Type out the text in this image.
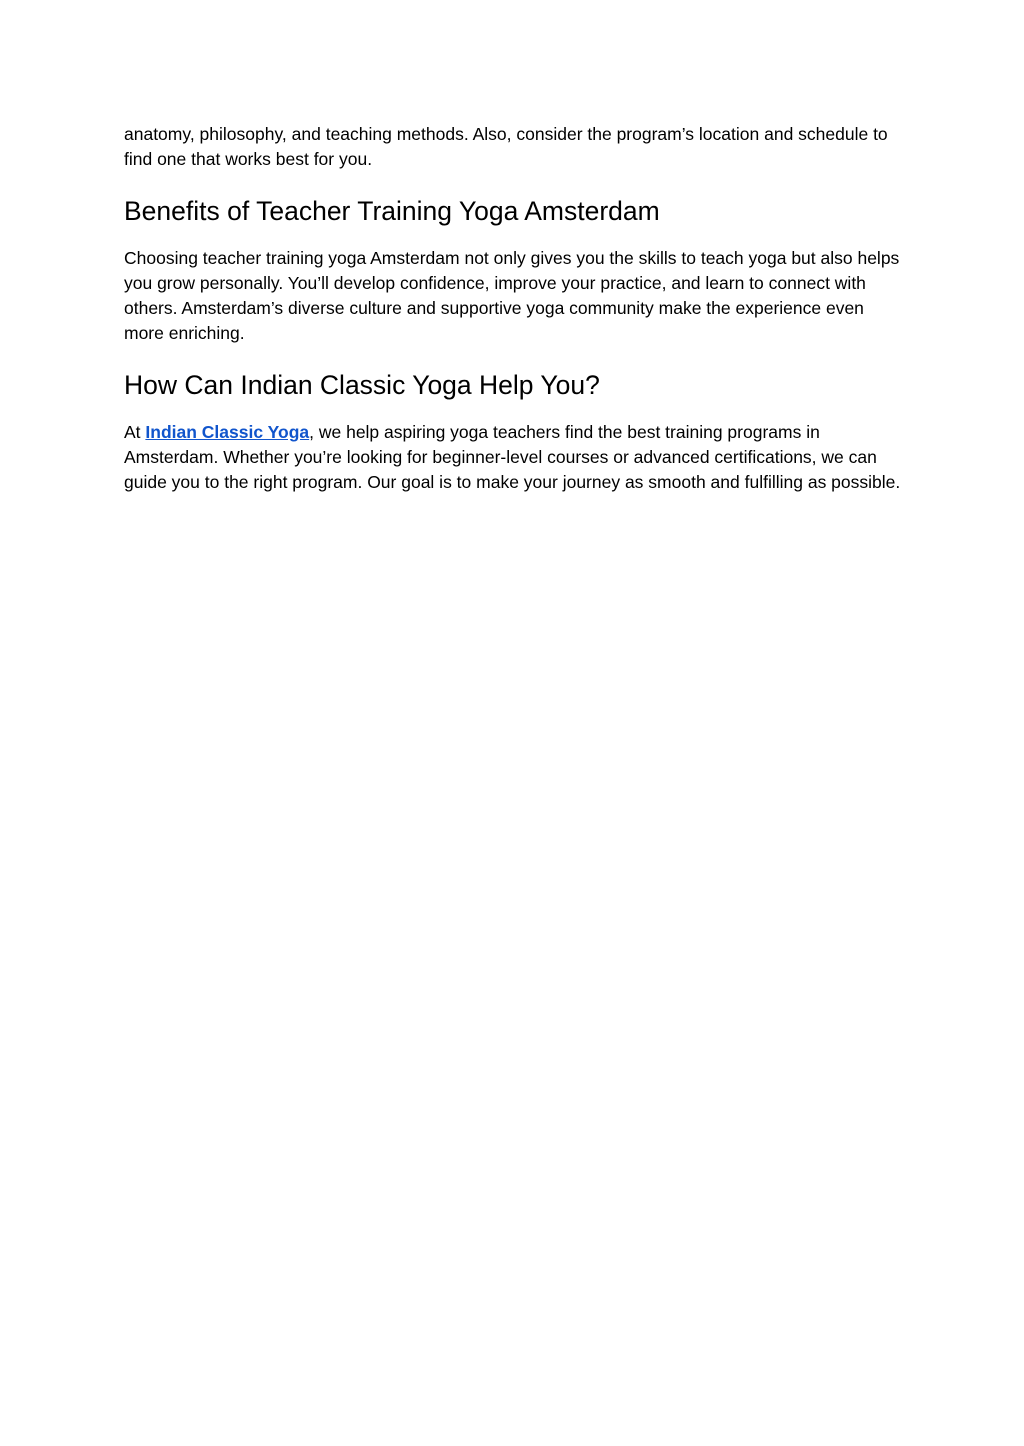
anatomy, philosophy, and teaching methods. Also, consider the program’s location and schedule to find one that works best for you.

Benefits of Teacher Training Yoga Amsterdam

Choosing teacher training yoga Amsterdam not only gives you the skills to teach yoga but also helps you grow personally. You’ll develop confidence, improve your practice, and learn to connect with others. Amsterdam’s diverse culture and supportive yoga community make the experience even more enriching.

How Can Indian Classic Yoga Help You?

At Indian Classic Yoga, we help aspiring yoga teachers find the best training programs in Amsterdam. Whether you’re looking for beginner-level courses or advanced certifications, we can guide you to the right program. Our goal is to make your journey as smooth and fulfilling as possible.
